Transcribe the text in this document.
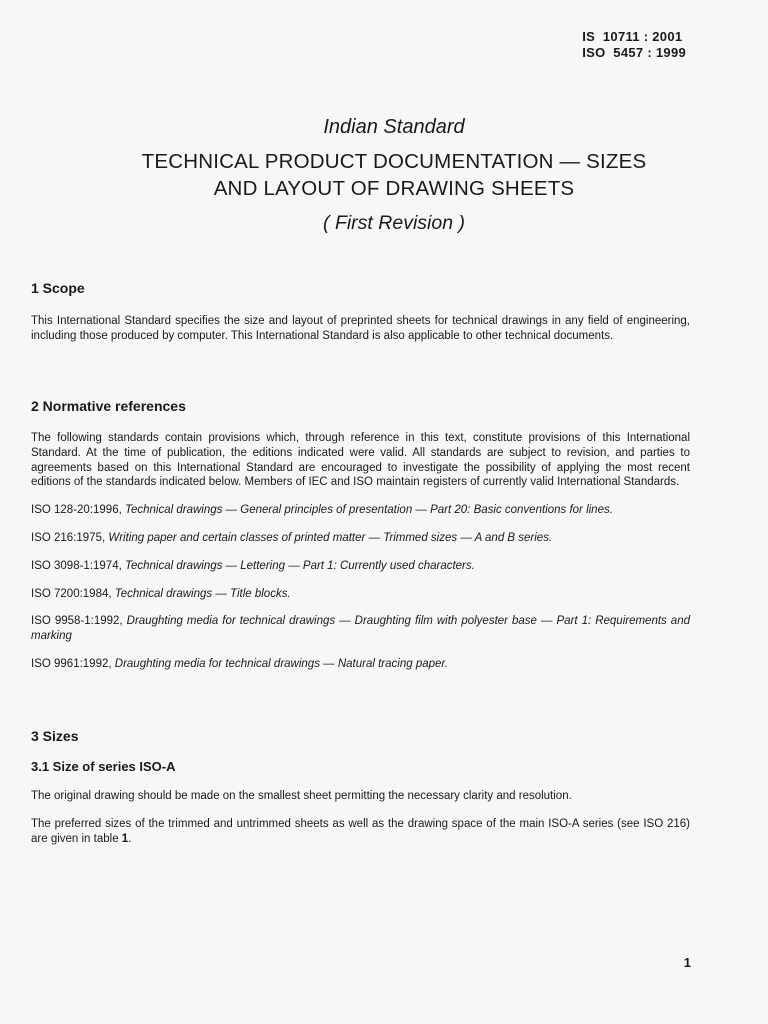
IS  10711 : 2001
ISO  5457 : 1999

Indian Standard

TECHNICAL PRODUCT DOCUMENTATION — SIZES
AND LAYOUT OF DRAWING SHEETS

( First Revision )

1 Scope

This International Standard specifies the size and layout of preprinted sheets for technical drawings in any field of engineering, including those produced by computer. This International Standard is also applicable to other technical documents.

2 Normative references

The following standards contain provisions which, through reference in this text, constitute provisions of this International Standard. At the time of publication, the editions indicated were valid. All standards are subject to revision, and parties to agreements based on this International Standard are encouraged to investigate the possibility of applying the most recent editions of the standards indicated below. Members of IEC and ISO maintain registers of currently valid International Standards.

ISO 128-20:1996, Technical drawings — General principles of presentation — Part 20: Basic conventions for lines.

ISO 216:1975, Writing paper and certain classes of printed matter — Trimmed sizes — A and B series.

ISO 3098-1:1974, Technical drawings — Lettering — Part 1: Currently used characters.

ISO 7200:1984, Technical drawings — Title blocks.

ISO 9958-1:1992, Draughting media for technical drawings — Draughting film with polyester base — Part 1: Requirements and marking

ISO 9961:1992, Draughting media for technical drawings — Natural tracing paper.

3 Sizes
3.1 Size of series ISO-A

The original drawing should be made on the smallest sheet permitting the necessary clarity and resolution.

The preferred sizes of the trimmed and untrimmed sheets as well as the drawing space of the main ISO-A series (see ISO 216) are given in table 1.

1
